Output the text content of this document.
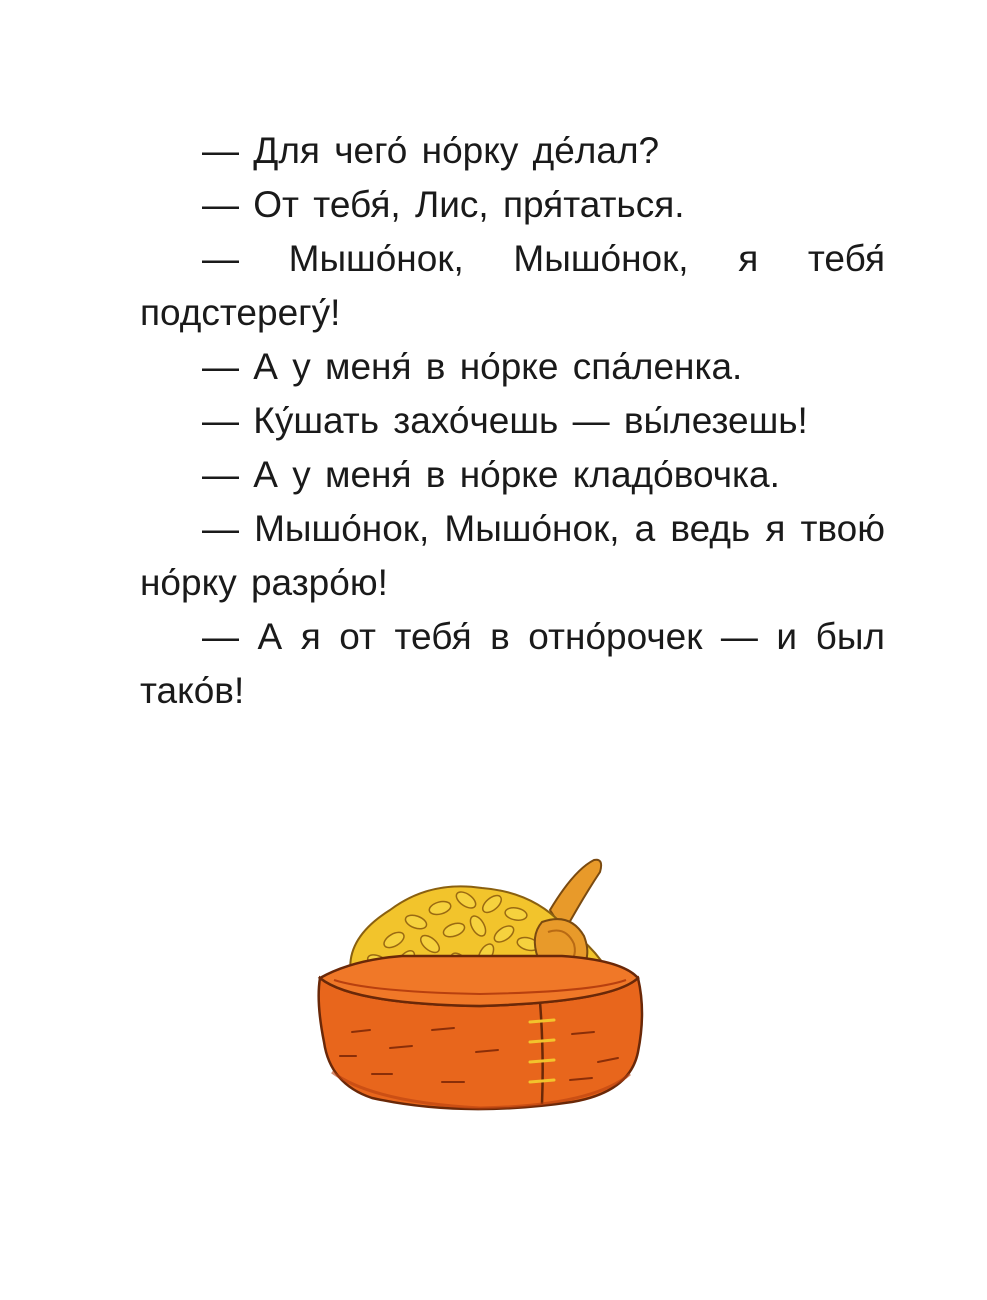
— Для чего́ но́рку де́лал?

— От тебя́, Лис, пря́таться.

— Мышо́нок, Мышо́нок, я тебя́ подстерегу́!

— А у меня́ в но́рке спа́ленка.

— Ку́шать захо́чешь — вы́лезешь!

— А у меня́ в но́рке кладо́вочка.

— Мышо́нок, Мышо́нок, а ведь я твою́ но́рку разро́ю!

— А я от тебя́ в отно́рочек — и был тако́в!
